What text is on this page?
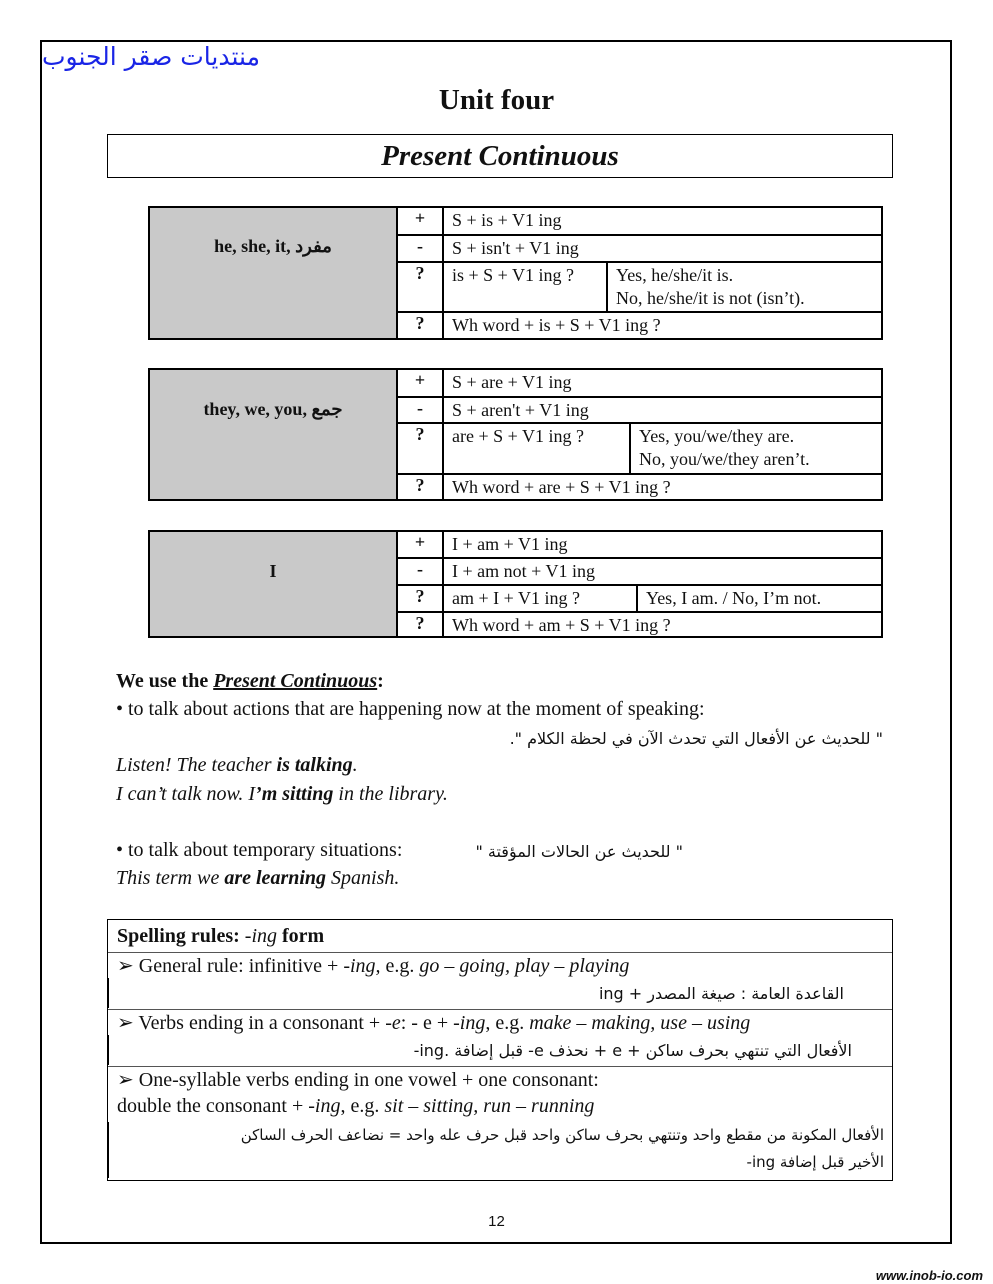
منتديات صقر الجنوب
Unit four
Present Continuous
he, she, it, مفرد
+	S + is + V1 ing
-	S + isn't + V1 ing
?	is + S + V1 ing ? Yes, he/she/it is.
No, he/she/it is not (isn’t).
?	Wh word + is + S + V1 ing ?
they, we, you, جمع
+	S + are + V1 ing
-	S + aren't + V1 ing
?	are + S + V1 ing ?	Yes, you/we/they are.
No, you/we/they aren’t.
?	Wh word + are + S + V1 ing ?
I
+	I + am + V1 ing
-	I + am not + V1 ing
?	am + I + V1 ing ?	Yes, I am. / No, I’m not.
?	Wh word + am + S + V1 ing ?
We use the Present Continuous:
• to talk about actions that are happening now at the moment of speaking:
" للحديث عن الأفعال التي تحدث الآن في لحظة الكلام ".
Listen! The teacher is talking.
I can’t talk now. I’m sitting in the library.
• to talk about temporary situations:	" للحديث عن الحالات المؤقتة "
This term we are learning Spanish.
Spelling rules: -ing form
➢ General rule: infinitive + -ing, e.g. go – going, play – playing
القاعدة العامة : صيغة المصدر + ing
➢ Verbs ending in a consonant + -e: - e + -ing, e.g. make – making, use – using
الأفعال التي تنتهي بحرف ساكن + e + نحذف e- قبل إضافة .ing-
➢ One-syllable verbs ending in one vowel + one consonant:
double the consonant + -ing, e.g. sit – sitting, run – running
الأفعال المكونة من مقطع واحد وتنتهي بحرف ساكن واحد قبل حرف عله واحد = نضاعف الحرف الساكن
الأخير قبل إضافة ing-
12
www.inob-io.com
